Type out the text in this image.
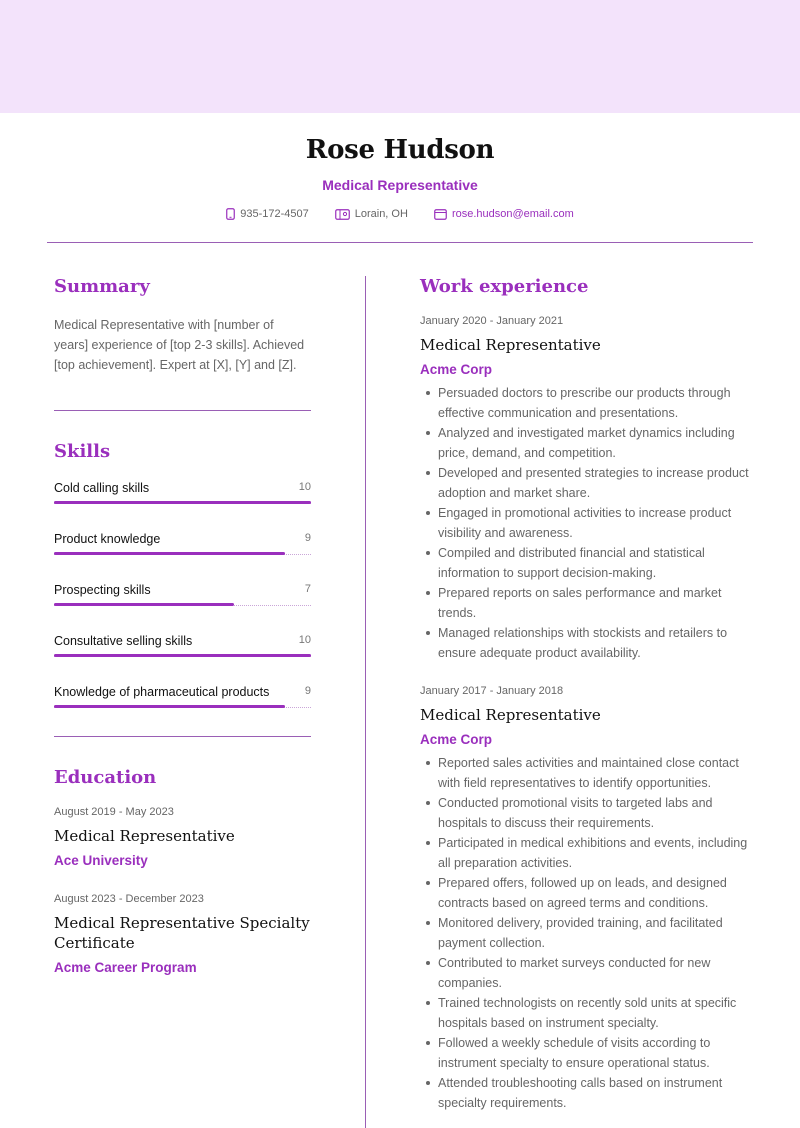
Rose Hudson
Medical Representative
935-172-4507	Lorain, OH	rose.hudson@email.com
Summary
Medical Representative with [number of years] experience of [top 2-3 skills]. Achieved [top achievement]. Expert at [X], [Y] and [Z].
Skills
Cold calling skills	10
Product knowledge	9
Prospecting skills	7
Consultative selling skills	10
Knowledge of pharmaceutical products	9
Education
August 2019 - May 2023
Medical Representative
Ace University
August 2023 - December 2023
Medical Representative Specialty Certificate
Acme Career Program
Work experience
January 2020 - January 2021
Medical Representative
Acme Corp
Persuaded doctors to prescribe our products through effective communication and presentations.
Analyzed and investigated market dynamics including price, demand, and competition.
Developed and presented strategies to increase product adoption and market share.
Engaged in promotional activities to increase product visibility and awareness.
Compiled and distributed financial and statistical information to support decision-making.
Prepared reports on sales performance and market trends.
Managed relationships with stockists and retailers to ensure adequate product availability.
January 2017 - January 2018
Medical Representative
Acme Corp
Reported sales activities and maintained close contact with field representatives to identify opportunities.
Conducted promotional visits to targeted labs and hospitals to discuss their requirements.
Participated in medical exhibitions and events, including all preparation activities.
Prepared offers, followed up on leads, and designed contracts based on agreed terms and conditions.
Monitored delivery, provided training, and facilitated payment collection.
Contributed to market surveys conducted for new companies.
Trained technologists on recently sold units at specific hospitals based on instrument specialty.
Followed a weekly schedule of visits according to instrument specialty to ensure operational status.
Attended troubleshooting calls based on instrument specialty requirements.
